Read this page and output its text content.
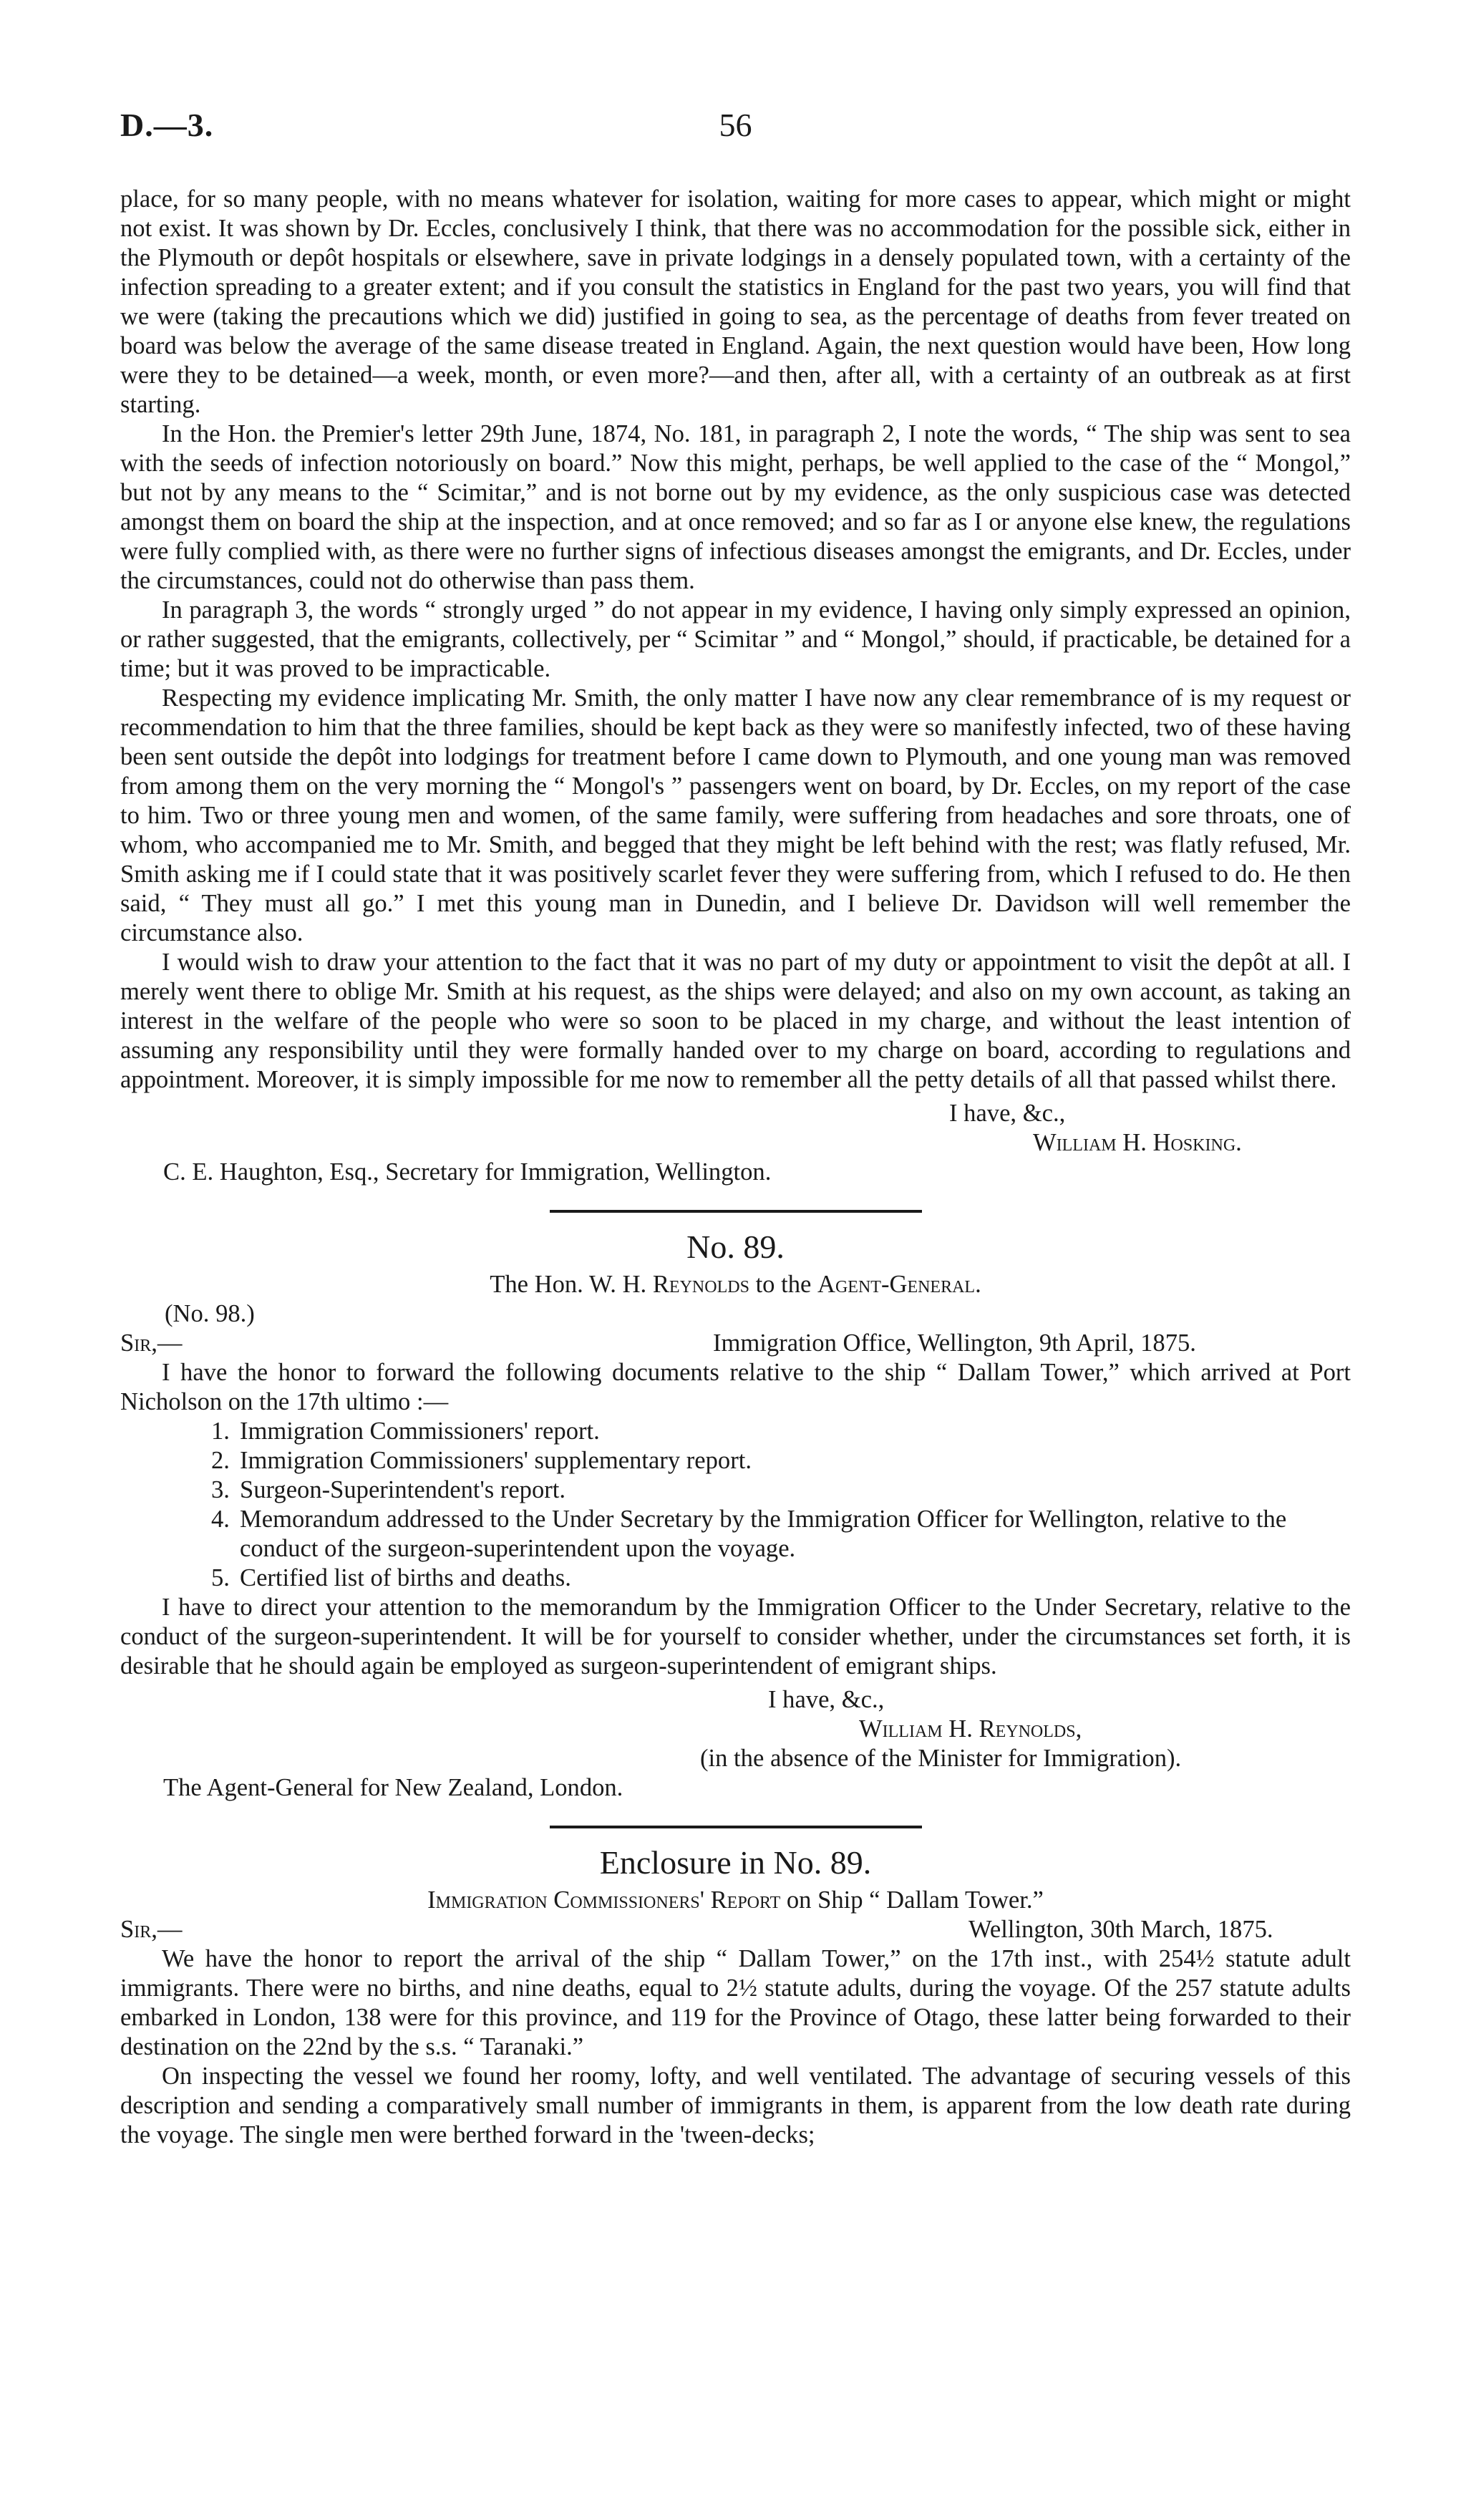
D.—3.	56

place, for so many people, with no means whatever for isolation, waiting for more cases to appear, which might or might not exist. It was shown by Dr. Eccles, conclusively I think, that there was no accommodation for the possible sick, either in the Plymouth or depôt hospitals or elsewhere, save in private lodgings in a densely populated town, with a certainty of the infection spreading to a greater extent; and if you consult the statistics in England for the past two years, you will find that we were (taking the precautions which we did) justified in going to sea, as the percentage of deaths from fever treated on board was below the average of the same disease treated in England. Again, the next question would have been, How long were they to be detained—a week, month, or even more?—and then, after all, with a certainty of an outbreak as at first starting.

In the Hon. the Premier's letter 29th June, 1874, No. 181, in paragraph 2, I note the words, “ The ship was sent to sea with the seeds of infection notoriously on board.” Now this might, perhaps, be well applied to the case of the “ Mongol,” but not by any means to the “ Scimitar,” and is not borne out by my evidence, as the only suspicious case was detected amongst them on board the ship at the inspection, and at once removed; and so far as I or anyone else knew, the regulations were fully complied with, as there were no further signs of infectious diseases amongst the emigrants, and Dr. Eccles, under the circumstances, could not do otherwise than pass them.

In paragraph 3, the words “ strongly urged ” do not appear in my evidence, I having only simply expressed an opinion, or rather suggested, that the emigrants, collectively, per “ Scimitar ” and “ Mongol,” should, if practicable, be detained for a time; but it was proved to be impracticable.

Respecting my evidence implicating Mr. Smith, the only matter I have now any clear remembrance of is my request or recommendation to him that the three families, should be kept back as they were so manifestly infected, two of these having been sent outside the depôt into lodgings for treatment before I came down to Plymouth, and one young man was removed from among them on the very morning the “ Mongol's ” passengers went on board, by Dr. Eccles, on my report of the case to him. Two or three young men and women, of the same family, were suffering from headaches and sore throats, one of whom, who accompanied me to Mr. Smith, and begged that they might be left behind with the rest; was flatly refused, Mr. Smith asking me if I could state that it was positively scarlet fever they were suffering from, which I refused to do. He then said, “ They must all go.” I met this young man in Dunedin, and I believe Dr. Davidson will well remember the circumstance also.

I would wish to draw your attention to the fact that it was no part of my duty or appointment to visit the depôt at all. I merely went there to oblige Mr. Smith at his request, as the ships were delayed; and also on my own account, as taking an interest in the welfare of the people who were so soon to be placed in my charge, and without the least intention of assuming any responsibility until they were formally handed over to my charge on board, according to regulations and appointment. Moreover, it is simply impossible for me now to remember all the petty details of all that passed whilst there.

I have, &c.,
William H. Hosking.

C. E. Haughton, Esq., Secretary for Immigration, Wellington.

No. 89.
The Hon. W. H. Reynolds to the Agent-General.
(No. 98.)
Sir,—	Immigration Office, Wellington, 9th April, 1875.

I have the honor to forward the following documents relative to the ship “ Dallam Tower,” which arrived at Port Nicholson on the 17th ultimo :—

1. Immigration Commissioners' report.
2. Immigration Commissioners' supplementary report.
3. Surgeon-Superintendent's report.
4. Memorandum addressed to the Under Secretary by the Immigration Officer for Wellington, relative to the conduct of the surgeon-superintendent upon the voyage.
5. Certified list of births and deaths.

I have to direct your attention to the memorandum by the Immigration Officer to the Under Secretary, relative to the conduct of the surgeon-superintendent. It will be for yourself to consider whether, under the circumstances set forth, it is desirable that he should again be employed as surgeon-superintendent of emigrant ships.

I have, &c.,
William H. Reynolds,
(in the absence of the Minister for Immigration).

The Agent-General for New Zealand, London.

Enclosure in No. 89.
Immigration Commissioners' Report on Ship “ Dallam Tower.”
Sir,—	Wellington, 30th March, 1875.

We have the honor to report the arrival of the ship “ Dallam Tower,” on the 17th inst., with 254½ statute adult immigrants. There were no births, and nine deaths, equal to 2½ statute adults, during the voyage. Of the 257 statute adults embarked in London, 138 were for this province, and 119 for the Province of Otago, these latter being forwarded to their destination on the 22nd by the s.s. “ Taranaki.”

On inspecting the vessel we found her roomy, lofty, and well ventilated. The advantage of securing vessels of this description and sending a comparatively small number of immigrants in them, is apparent from the low death rate during the voyage. The single men were berthed forward in the 'tween-decks;
